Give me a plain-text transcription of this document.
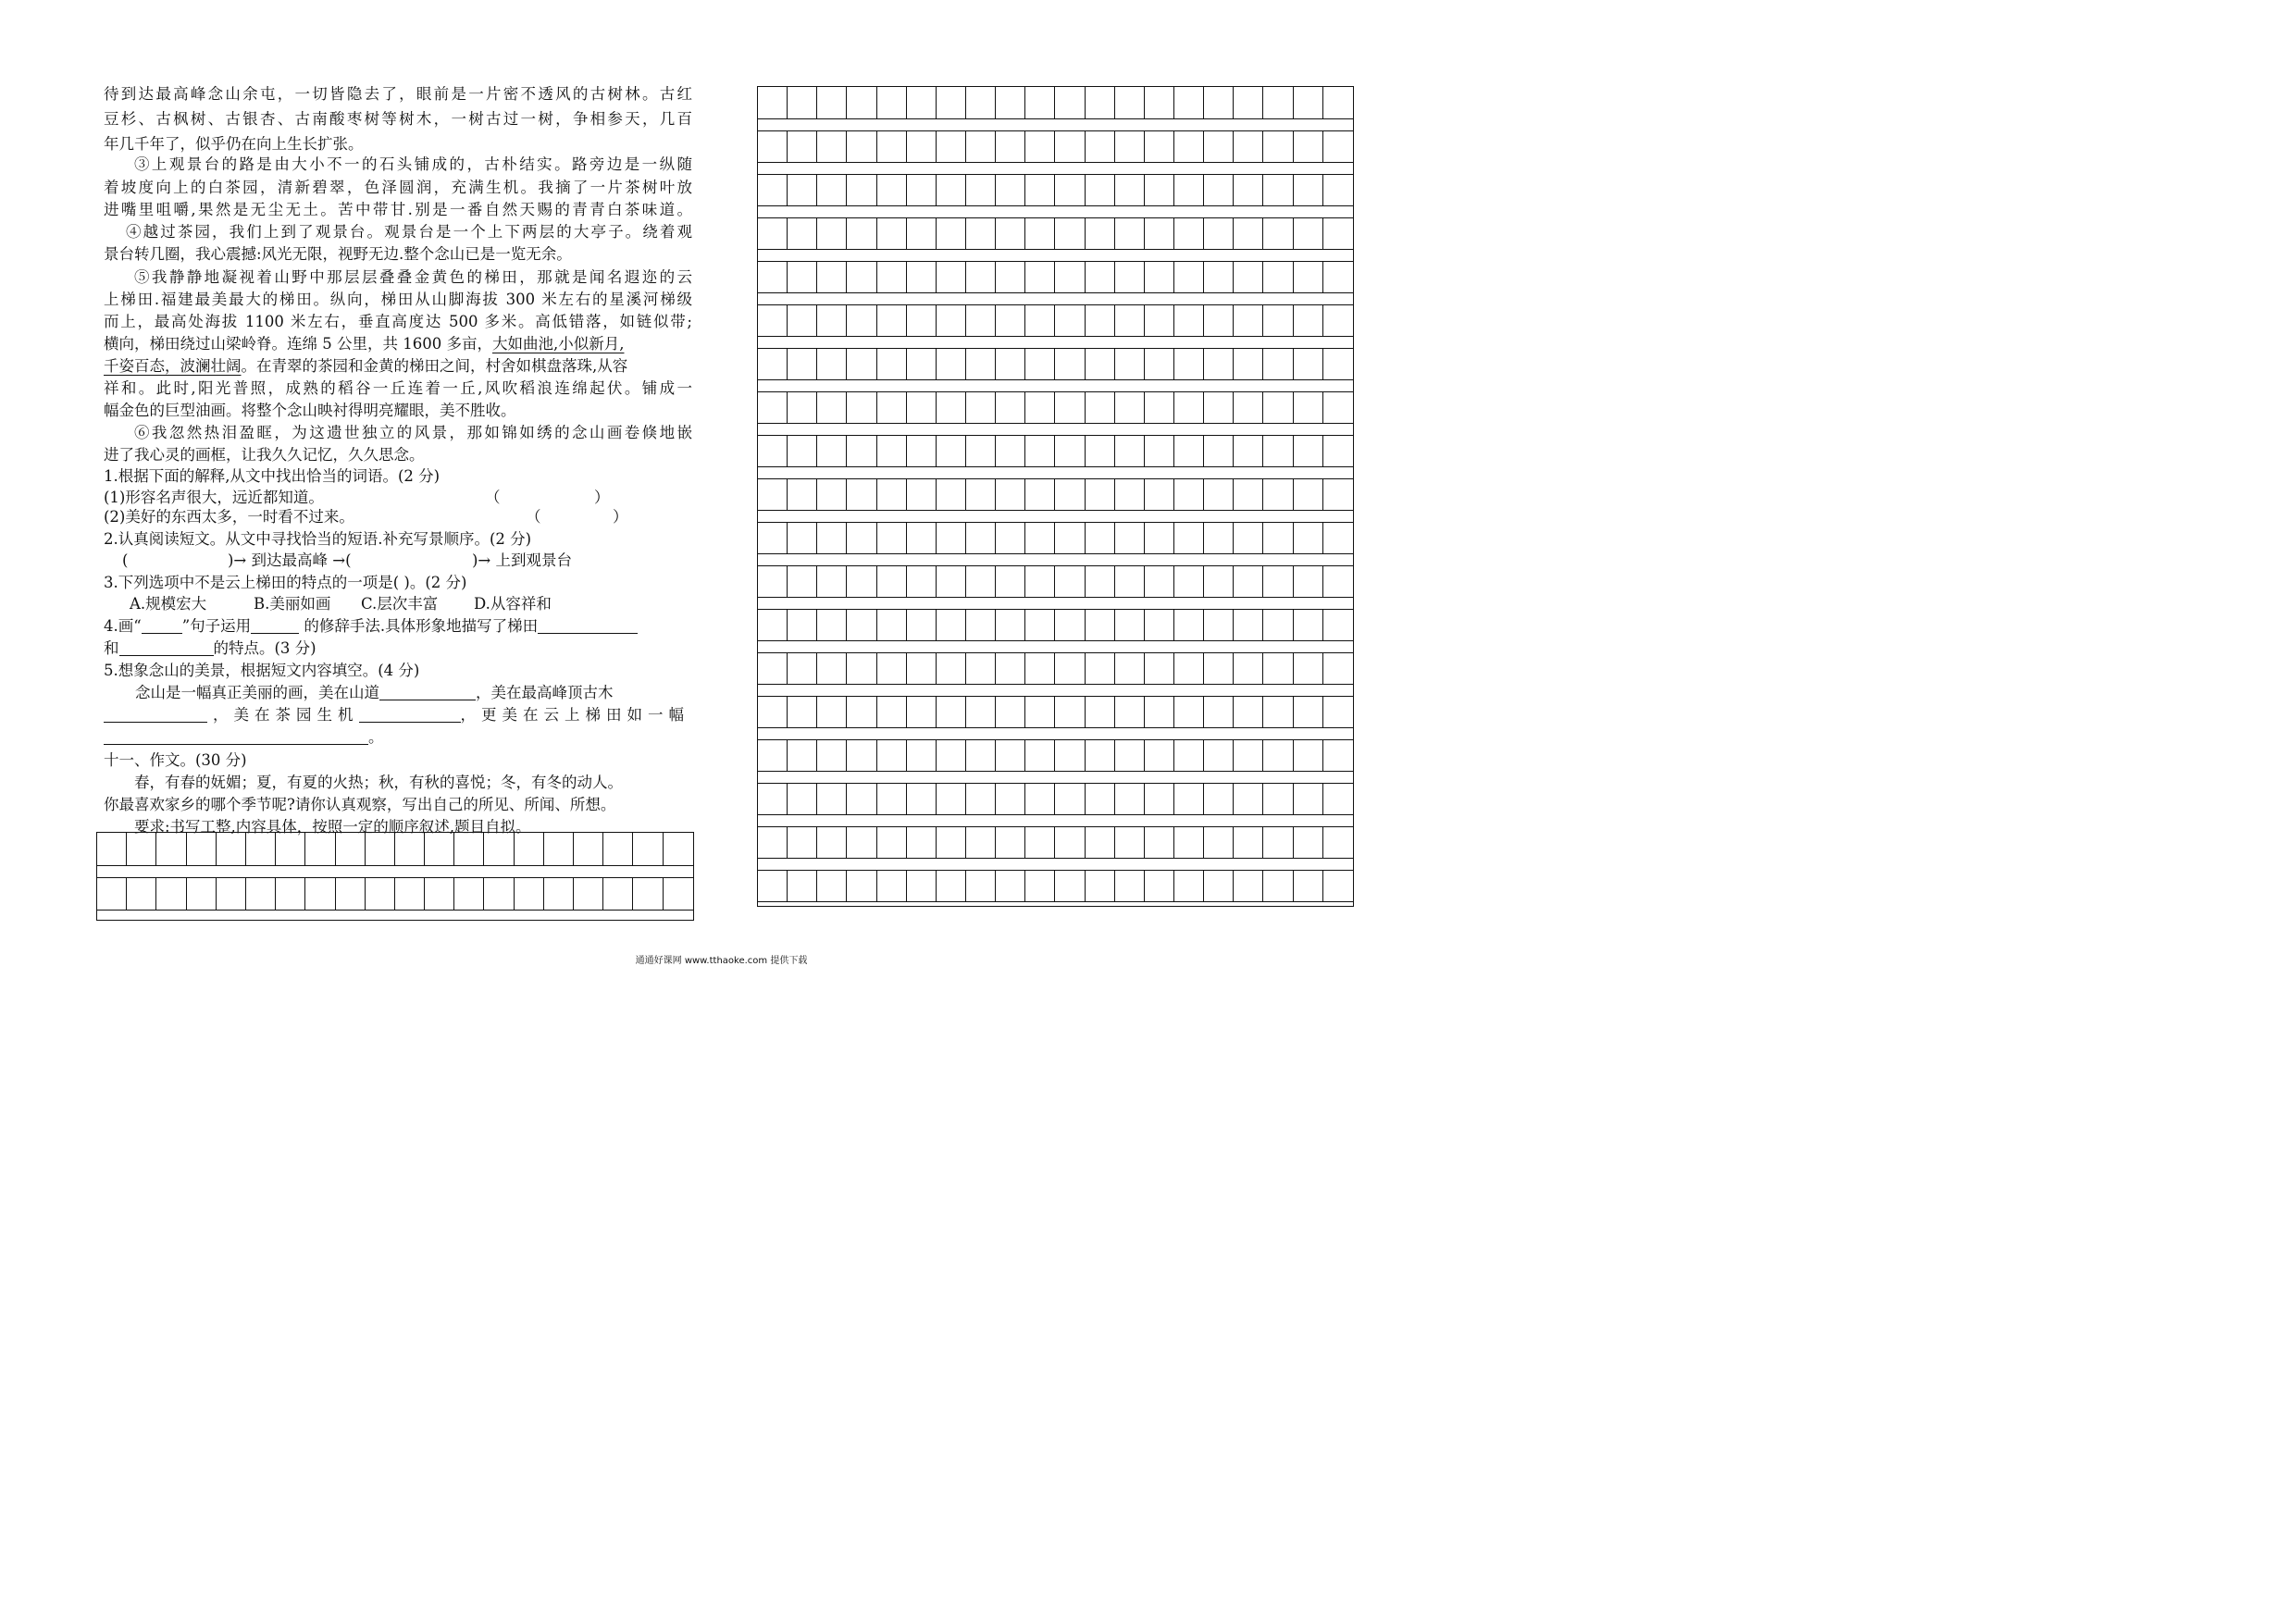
待到达最高峰念山余屯，一切皆隐去了，眼前是一片密不透风的古树林。古红
豆杉、古枫树、古银杏、古南酸枣树等树木，一树古过一树，争相参天，几百
年几千年了，似乎仍在向上生长扩张。
③上观景台的路是由大小不一的石头铺成的，古朴结实。路旁边是一纵随
着坡度向上的白茶园，清新碧翠，色泽圆润，充满生机。我摘了一片茶树叶放
进嘴里咀嚼,果然是无尘无土。苦中带甘.别是一番自然天赐的青青白茶味道。
④越过茶园，我们上到了观景台。观景台是一个上下两层的大亭子。绕着观
景台转几圈，我心震撼:风光无限，视野无边.整个念山已是一览无余。
⑤我静静地凝视着山野中那层层叠叠金黄色的梯田，那就是闻名遐迩的云
上梯田.福建最美最大的梯田。纵向，梯田从山脚海拔 300 米左右的星溪河梯级
而上，最高处海拔 1100 米左右，垂直高度达 500 多米。高低错落，如链似带;
横向，梯田绕过山梁岭脊。连绵 5 公里，共 1600 多亩，大如曲池,小似新月,
千姿百态，波澜壮阔。在青翠的茶园和金黄的梯田之间，村舍如棋盘落珠,从容
祥和。此时,阳光普照，成熟的稻谷一丘连着一丘,风吹稻浪连绵起伏。铺成一
幅金色的巨型油画。将整个念山映衬得明亮耀眼，美不胜收。
⑥我忽然热泪盈眶，为这遗世独立的风景，那如锦如绣的念山画卷倏地嵌
进了我心灵的画框，让我久久记忆，久久思念。
1.根据下面的解释,从文中找出恰当的词语。(2 分)
(1)形容名声很大，远近都知道。	（	）
(2)美好的东西太多，一时看不过来。	（	）
2.认真阅读短文。从文中寻找恰当的短语.补充写景顺序。(2 分)
(	)→ 到达最高峰 →(	)→ 上到观景台
3.下列选项中不是云上梯田的特点的一项是( )。(2 分)
A.规模宏大	B.美丽如画 C.层次丰富 D.从容祥和
4.画“	”句子运用	的修辞手法.具体形象地描写了梯田
和	的特点。(3 分)
5.想象念山的美景，根据短文内容填空。(4 分)
念山是一幅真正美丽的画，美在山道	，美在最高峰顶古木
，美在茶园生机	，更美在云上梯田如一幅
。
十一、作文。(30 分)
春，有春的妩媚；夏，有夏的火热；秋，有秋的喜悦；冬，有冬的动人。
你最喜欢家乡的哪个季节呢?请你认真观察，写出自己的所见、所闻、所想。
要求:书写工整,内容具体，按照一定的顺序叙述,题目自拟。
通通好课网 www.tthaoke.com 提供下载
